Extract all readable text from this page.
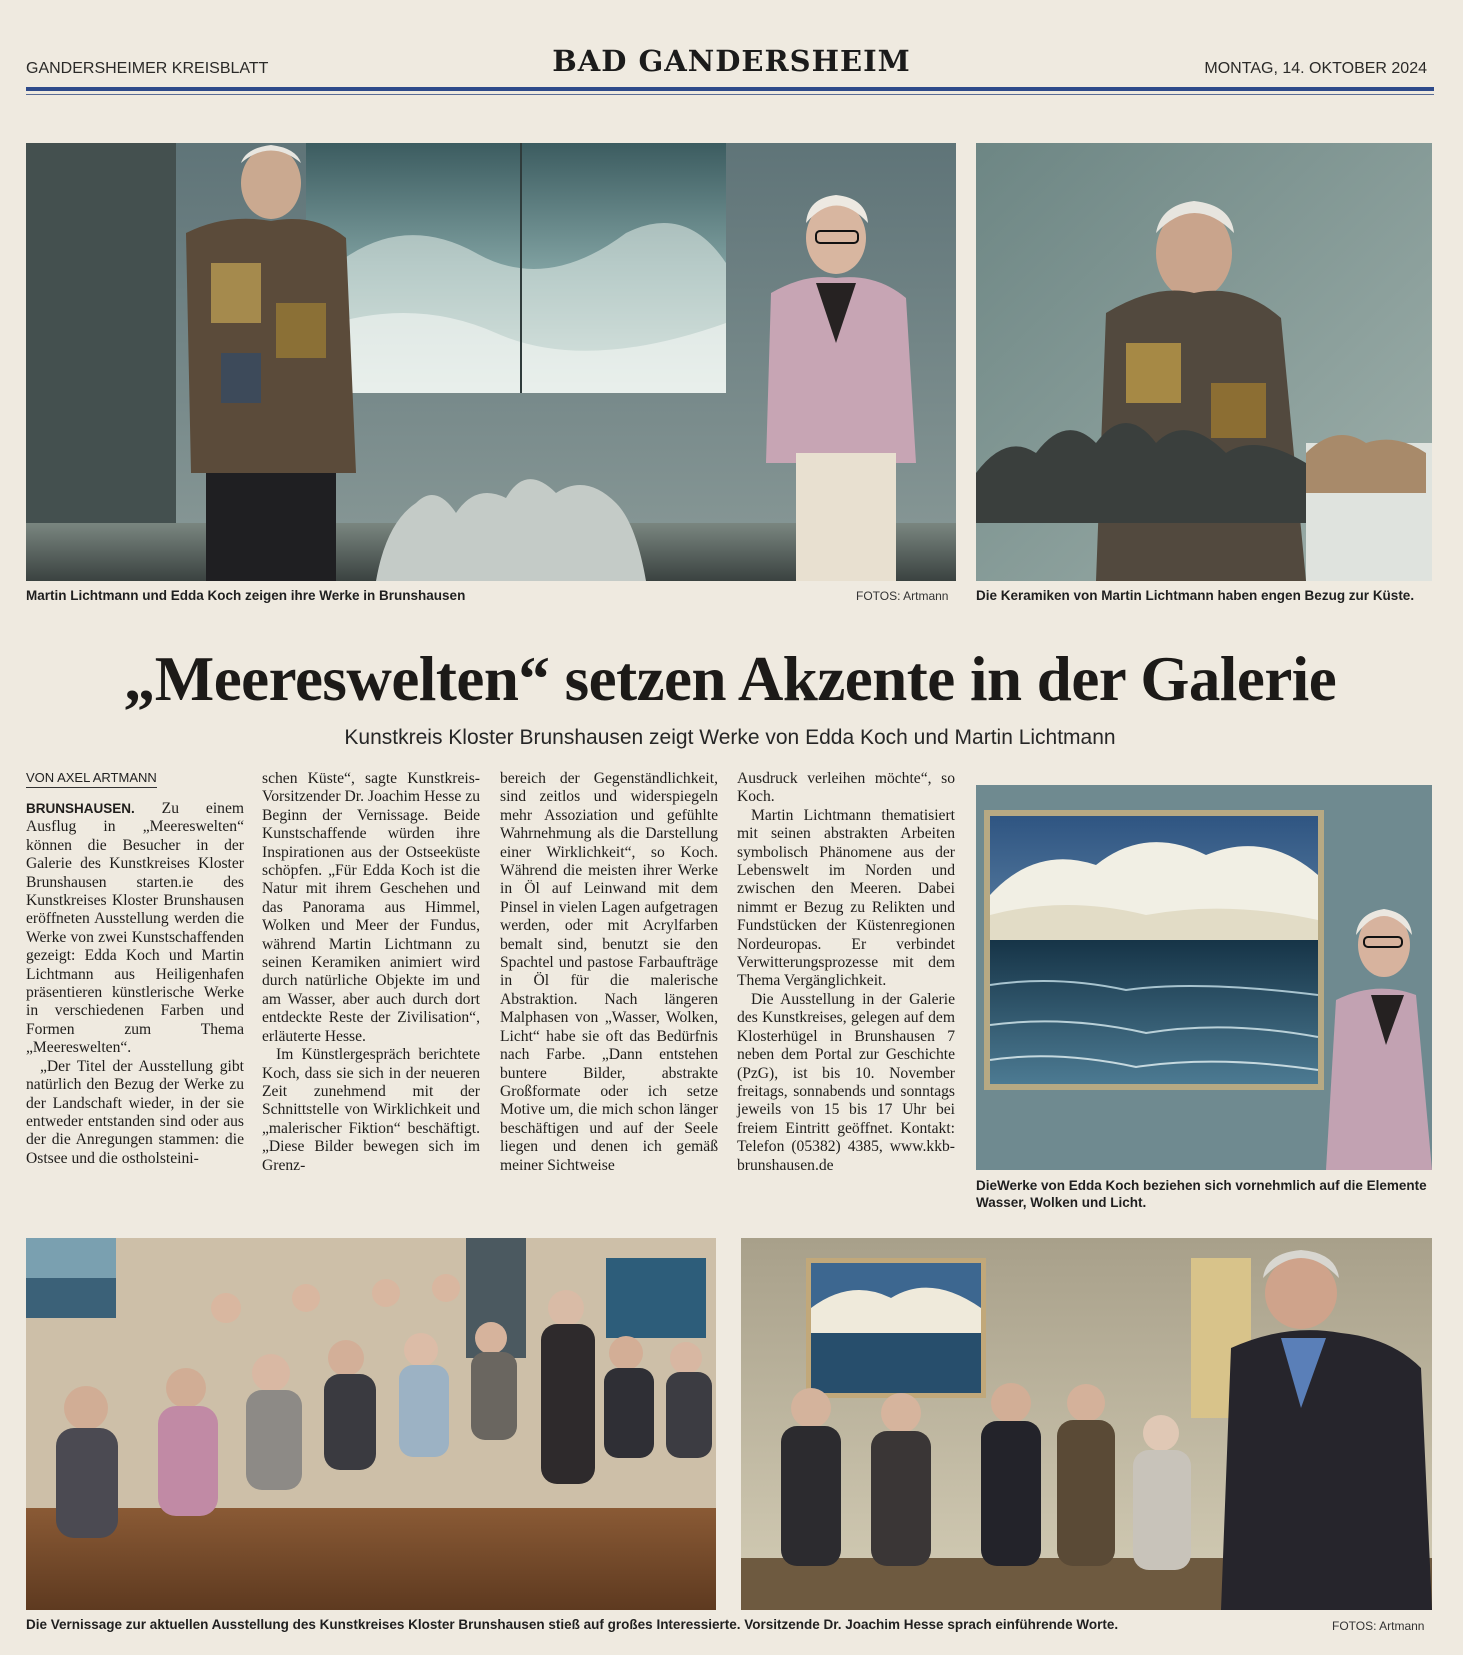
GANDERSHEIMER KREISBLATT	BAD GANDERSHEIM	MONTAG, 14. OKTOBER 2024
Martin Lichtmann und Edda Koch zeigen ihre Werke in Brunshausen	FOTOS: Artmann Die Keramiken von Martin Lichtmann haben engen Bezug zur Küste.
„Meereswelten“ setzen Akzente in der Galerie
Kunstkreis Kloster Brunshausen zeigt Werke von Edda Koch und Martin Lichtmann
VON AXEL ARTMANN

BRUNSHAUSEN. Zu einem Ausflug in „Meereswelten“ können die Besucher in der Galerie des Kunstkreises Kloster Brunshausen starten.ie des Kunstkreises Kloster Brunshausen eröffneten Ausstellung werden die Werke von zwei Kunstschaffenden gezeigt: Edda Koch und Martin Lichtmann aus Heiligenhafen präsentieren künstlerische Werke in verschiedenen Farben und Formen zum Thema „Meereswelten“.

„Der Titel der Ausstellung gibt natürlich den Bezug der Werke zu der Landschaft wieder, in der sie entweder entstanden sind oder aus der die Anregungen stammen: die Ostsee und die ostholsteini-

schen Küste“, sagte Kunstkreis-Vorsitzender Dr. Joachim Hesse zu Beginn der Vernissage. Beide Kunstschaffende würden ihre Inspirationen aus der Ostseeküste schöpfen. „Für Edda Koch ist die Natur mit ihrem Geschehen und das Panorama aus Himmel, Wolken und Meer der Fundus, während Martin Lichtmann zu seinen Keramiken animiert wird durch natürliche Objekte im und am Wasser, aber auch durch dort entdeckte Reste der Zivilisation“, erläuterte Hesse.

Im Künstlergespräch berichtete Koch, dass sie sich in der neueren Zeit zunehmend mit der Schnittstelle von Wirklichkeit und „malerischer Fiktion“ beschäftigt. „Diese Bilder bewegen sich im Grenz-

bereich der Gegenständlichkeit, sind zeitlos und widerspiegeln mehr Assoziation und gefühlte Wahrnehmung als die Darstellung einer Wirklichkeit“, so Koch. Während die meisten ihrer Werke in Öl auf Leinwand mit dem Pinsel in vielen Lagen aufgetragen werden, oder mit Acrylfarben bemalt sind, benutzt sie den Spachtel und pastose Farbaufträge in Öl für die malerische Abstraktion. Nach längeren Malphasen von „Wasser, Wolken, Licht“ habe sie oft das Bedürfnis nach Farbe. „Dann entstehen buntere Bilder, abstrakte Großformate oder ich setze Motive um, die mich schon länger beschäftigen und auf der Seele liegen und denen ich gemäß meiner Sichtweise

Ausdruck verleihen möchte“, so Koch.

Martin Lichtmann thematisiert mit seinen abstrakten Arbeiten symbolisch Phänomene aus der Lebenswelt im Norden und zwischen den Meeren. Dabei nimmt er Bezug zu Relikten und Fundstücken der Küstenregionen Nordeuropas. Er verbindet Verwitterungsprozesse mit dem Thema Vergänglichkeit.

Die Ausstellung in der Galerie des Kunstkreises, gelegen auf dem Klosterhügel in Brunshausen 7 neben dem Portal zur Geschichte (PzG), ist bis 10. November freitags, sonnabends und sonntags jeweils von 15 bis 17 Uhr bei freiem Eintritt geöffnet. Kontakt: Telefon (05382) 4385, www.kkb-brunshausen.de

DieWerke von Edda Koch beziehen sich vornehmlich auf die Elemente Wasser, Wolken und Licht.
Die Vernissage zur aktuellen Ausstellung des Kunstkreises Kloster Brunshausen stieß auf großes Interessierte. Vorsitzende Dr. Joachim Hesse sprach einführende Worte.	FOTOS: Artmann
